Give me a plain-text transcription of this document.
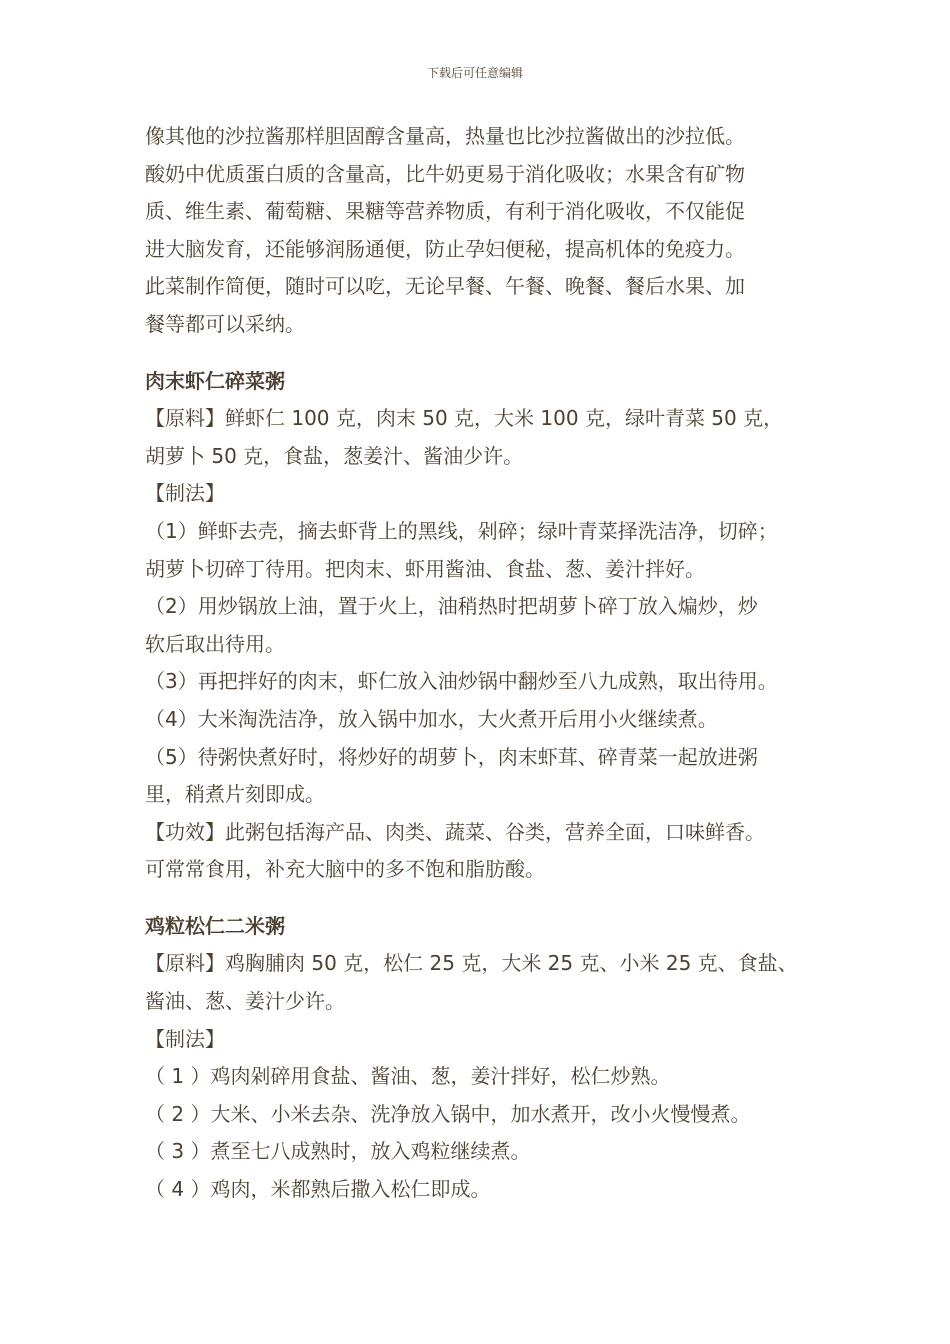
下载后可任意编辑
像其他的沙拉酱那样胆固醇含量高，热量也比沙拉酱做出的沙拉低。
酸奶中优质蛋白质的含量高，比牛奶更易于消化吸收；水果含有矿物
质、维生素、葡萄糖、果糖等营养物质，有利于消化吸收，不仅能促
进大脑发育，还能够润肠通便，防止孕妇便秘，提高机体的免疫力。
此菜制作简便，随时可以吃，无论早餐、午餐、晚餐、餐后水果、加
餐等都可以采纳。
肉末虾仁碎菜粥
【原料】鲜虾仁 100 克，肉末 50 克，大米 100 克，绿叶青菜 50 克，
胡萝卜 50 克，食盐，葱姜汁、酱油少许。
【制法】
（1）鲜虾去壳，摘去虾背上的黑线，剁碎；绿叶青菜择洗洁净，切碎；
胡萝卜切碎丁待用。把肉末、虾用酱油、食盐、葱、姜汁拌好。
（2）用炒锅放上油，置于火上，油稍热时把胡萝卜碎丁放入煸炒，炒
软后取出待用。
（3）再把拌好的肉末，虾仁放入油炒锅中翻炒至八九成熟，取出待用。
（4）大米淘洗洁净，放入锅中加水，大火煮开后用小火继续煮。
（5）待粥快煮好时，将炒好的胡萝卜，肉末虾茸、碎青菜一起放进粥
里，稍煮片刻即成。
【功效】此粥包括海产品、肉类、蔬菜、谷类，营养全面，口味鲜香。
可常常食用，补充大脑中的多不饱和脂肪酸。
鸡粒松仁二米粥
【原料】鸡胸脯肉 50 克，松仁 25 克，大米 25 克、小米 25 克、食盐、
酱油、葱、姜汁少许。
【制法】
（ 1 ）鸡肉剁碎用食盐、酱油、葱，姜汁拌好，松仁炒熟。
（ 2 ）大米、小米去杂、洗净放入锅中，加水煮开，改小火慢慢煮。
（ 3 ）煮至七八成熟时，放入鸡粒继续煮。
（ 4 ）鸡肉，米都熟后撒入松仁即成。
